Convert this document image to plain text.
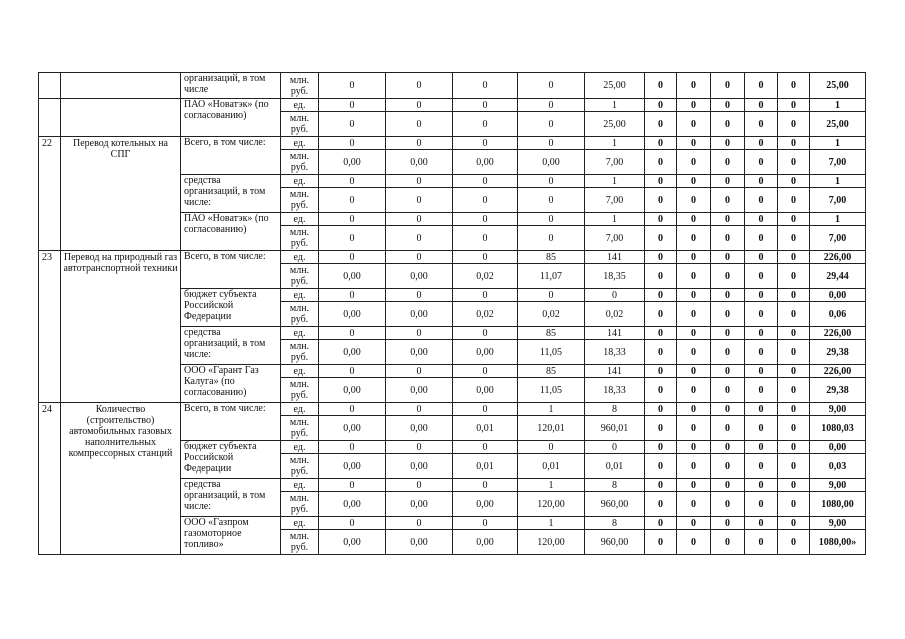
		организаций, в том числе	млн. руб.	0	0	0	0	25,00	0	0	0	0	0	25,00
		ПАО «Новатэк» (по согласованию)	ед.	0	0	0	0	1	0	0	0	0	0	1
			млн. руб.	0	0	0	0	25,00	0	0	0	0	0	25,00
22	Перевод котельных на СПГ	Всего, в том числе:	ед.	0	0	0	0	1	0	0	0	0	0	1
			млн. руб.	0,00	0,00	0,00	0,00	7,00	0	0	0	0	0	7,00
		средства организаций, в том числе:	ед.	0	0	0	0	1	0	0	0	0	0	1
			млн. руб.	0	0	0	0	7,00	0	0	0	0	0	7,00
		ПАО «Новатэк» (по согласованию)	ед.	0	0	0	0	1	0	0	0	0	0	1
			млн. руб.	0	0	0	0	7,00	0	0	0	0	0	7,00
23	Перевод на природный газ автотранспортной техники	Всего, в том числе:	ед.	0	0	0	85	141	0	0	0	0	0	226,00
			млн. руб.	0,00	0,00	0,02	11,07	18,35	0	0	0	0	0	29,44
		бюджет субъекта Российской Федерации	ед.	0	0	0	0	0	0	0	0	0	0	0,00
			млн. руб.	0,00	0,00	0,02	0,02	0,02	0	0	0	0	0	0,06
		средства организаций, в том числе:	ед.	0	0	0	85	141	0	0	0	0	0	226,00
			млн. руб.	0,00	0,00	0,00	11,05	18,33	0	0	0	0	0	29,38
		ООО «Гарант Газ Калуга» (по согласованию)	ед.	0	0	0	85	141	0	0	0	0	0	226,00
			млн. руб.	0,00	0,00	0,00	11,05	18,33	0	0	0	0	0	29,38
24	Количество (строительство) автомобильных газовых наполнительных компрессорных станций	Всего, в том числе:	ед.	0	0	0	1	8	0	0	0	0	0	9,00
			млн. руб.	0,00	0,00	0,01	120,01	960,01	0	0	0	0	0	1080,03
		бюджет субъекта Российской Федерации	ед.	0	0	0	0	0	0	0	0	0	0	0,00
			млн. руб.	0,00	0,00	0,01	0,01	0,01	0	0	0	0	0	0,03
		средства организаций, в том числе:	ед.	0	0	0	1	8	0	0	0	0	0	9,00
			млн. руб.	0,00	0,00	0,00	120,00	960,00	0	0	0	0	0	1080,00
		ООО «Газпром газомоторное топливо»	ед.	0	0	0	1	8	0	0	0	0	0	9,00
			млн. руб.	0,00	0,00	0,00	120,00	960,00	0	0	0	0	0	1080,00»
